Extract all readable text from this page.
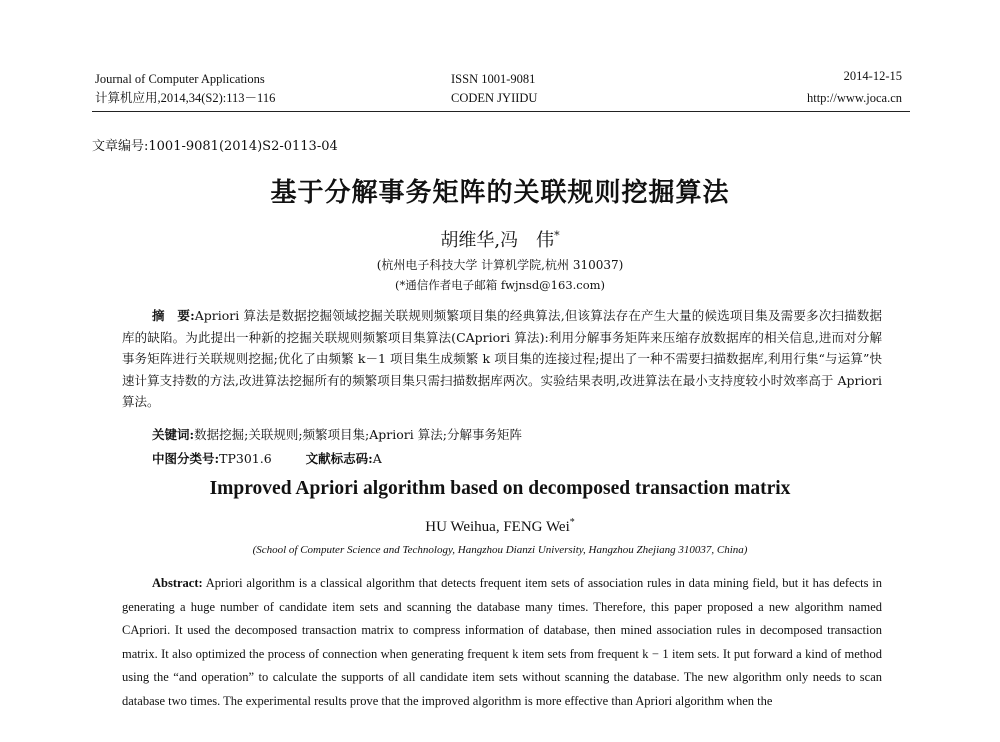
Journal of Computer Applications
计算机应用,2014,34(S2):113－116
ISSN 1001-9081
CODEN JYIIDU
2014-12-15
http://www.joca.cn
文章编号:1001-9081(2014)S2-0113-04
基于分解事务矩阵的关联规则挖掘算法
胡维华,冯　伟*
(杭州电子科技大学 计算机学院,杭州 310037)
(*通信作者电子邮箱 fwjnsd@163.com)
摘　要:Apriori 算法是数据挖掘领域挖掘关联规则频繁项目集的经典算法,但该算法存在产生大量的候选项目集及需要多次扫描数据库的缺陷。为此提出一种新的挖掘关联规则频繁项目集算法(CApriori 算法):利用分解事务矩阵来压缩存放数据库的相关信息,进而对分解事务矩阵进行关联规则挖掘;优化了由频繁 k－1 项目集生成频繁 k 项目集的连接过程;提出了一种不需要扫描数据库,利用行集“与运算”快速计算支持数的方法,改进算法挖掘所有的频繁项目集只需扫描数据库两次。实验结果表明,改进算法在最小支持度较小时效率高于 Apriori 算法。
关键词:数据挖掘;关联规则;频繁项目集;Apriori 算法;分解事务矩阵
中图分类号:TP301.6	文献标志码:A
Improved Apriori algorithm based on decomposed transaction matrix
HU Weihua, FENG Wei*
(School of Computer Science and Technology, Hangzhou Dianzi University, Hangzhou Zhejiang 310037, China)
Abstract: Apriori algorithm is a classical algorithm that detects frequent item sets of association rules in data mining field, but it has defects in generating a huge number of candidate item sets and scanning the database many times. Therefore, this paper proposed a new algorithm named CApriori. It used the decomposed transaction matrix to compress information of database, then mined association rules in decomposed transaction matrix. It also optimized the process of connection when generating frequent k item sets from frequent k − 1 item sets. It put forward a kind of method using the “and operation” to calculate the supports of all candidate item sets without scanning the database. The new algorithm only needs to scan database two times. The experimental results prove that the improved algorithm is more effective than Apriori algorithm when the
